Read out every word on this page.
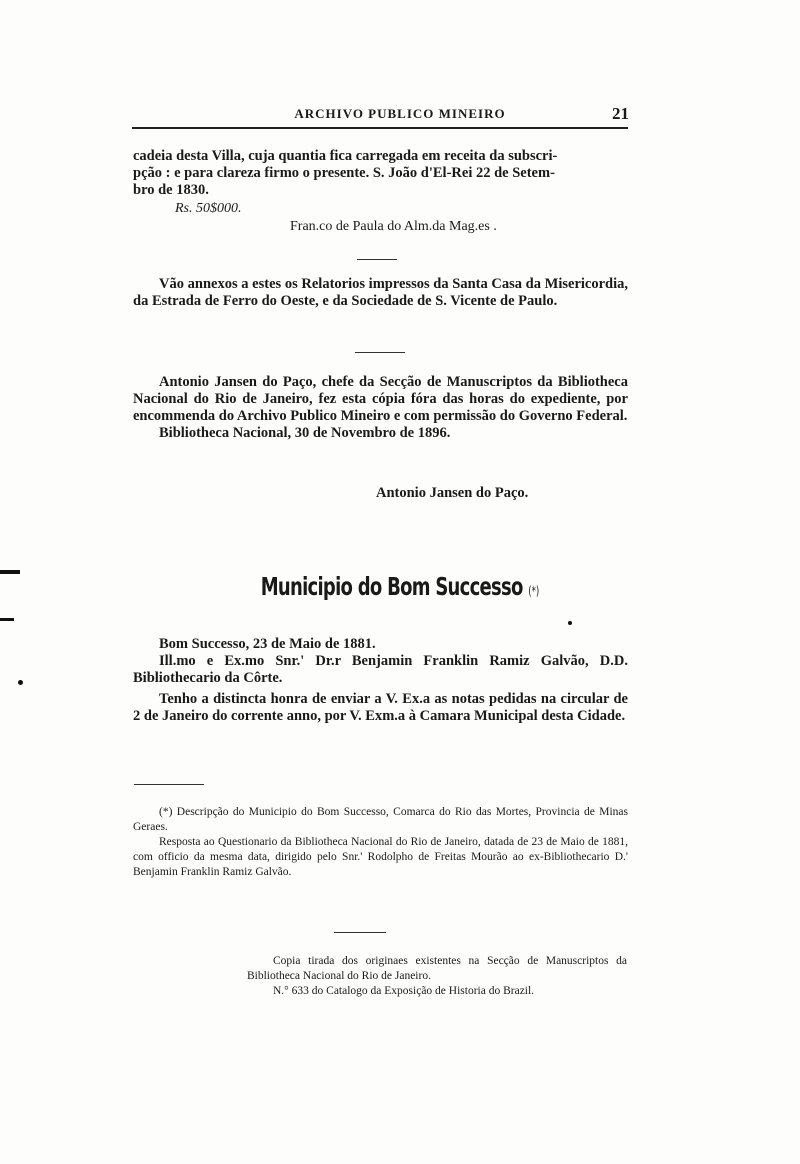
ARCHIVO PUBLICO MINEIRO	21
cadeia desta Villa, cuja quantia fica carregada em receita da subscri-
pção : e para clareza firmo o presente. S. João d'El-Rei 22 de Setem-
bro de 1830.
Rs. 50$000.
Fran.co de Paula do Alm.da Mag.es .

Vão annexos a estes os Relatorios impressos da Santa Casa da Misericordia, da Estrada de Ferro do Oeste, e da Sociedade de S. Vicente de Paulo.

Antonio Jansen do Paço, chefe da Secção de Manuscriptos da Bibliotheca Nacional do Rio de Janeiro, fez esta cópia fóra das horas do expediente, por encommenda do Archivo Publico Mineiro e com permissão do Governo Federal.

Bibliotheca Nacional, 30 de Novembro de 1896.

Antonio Jansen do Paço.
Municipio do Bom Successo (*)

Bom Successo, 23 de Maio de 1881.

Ill.mo e Ex.mo Snr.' Dr.r Benjamin Franklin Ramiz Galvão, D.D. Bibliothecario da Côrte.

Tenho a distincta honra de enviar a V. Ex.a as notas pedidas na circular de 2 de Janeiro do corrente anno, por V. Exm.a à Camara Municipal desta Cidade.

(*) Descripção do Municipio do Bom Successo, Comarca do Rio das Mortes, Provincia de Minas Geraes.

Resposta ao Questionario da Bibliotheca Nacional do Rio de Janeiro, datada de 23 de Maio de 1881, com officio da mesma data, dirigido pelo Snr.' Rodolpho de Freitas Mourão ao ex-Bibliothecario D.' Benjamin Franklin Ramiz Galvão.

Copia tirada dos originaes existentes na Secção de Manuscriptos da Bibliotheca Nacional do Rio de Janeiro.

N.° 633 do Catalogo da Exposição de Historia do Brazil.
